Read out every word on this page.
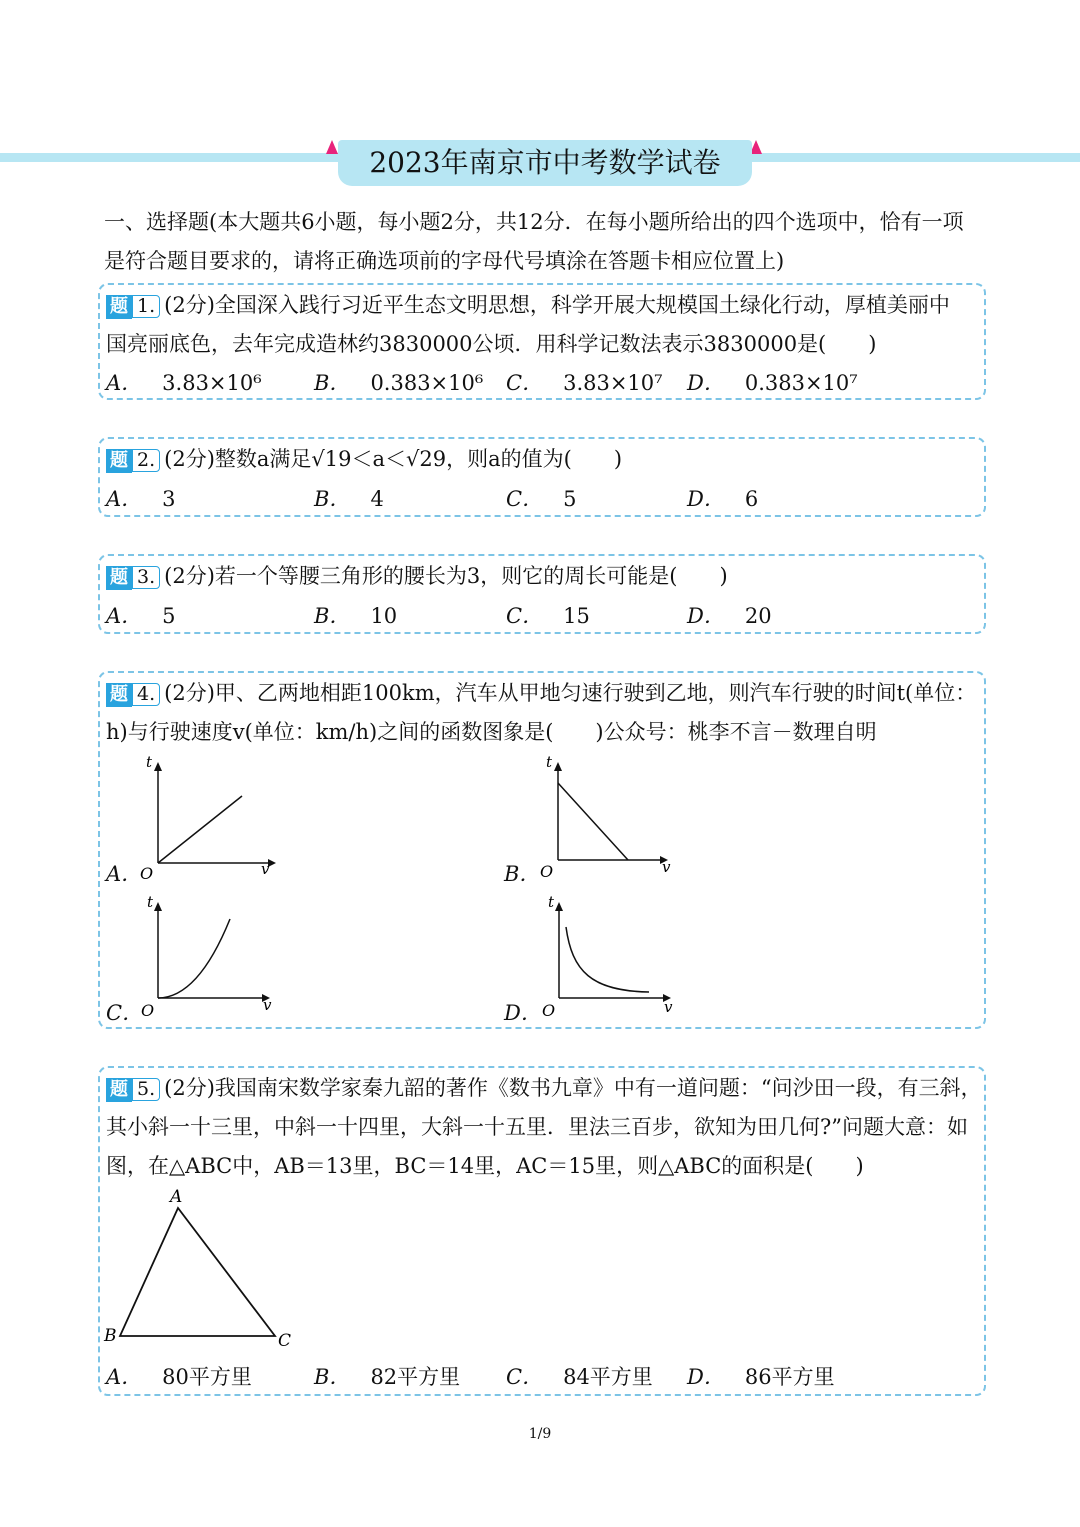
2023年南京市中考数学试卷
一、选择题(本大题共6小题，每小题2分，共12分．在每小题所给出的四个选项中，恰有一项
是符合题目要求的，请将正确选项前的字母代号填涂在答题卡相应位置上)
题 1. (2分)全国深入践行习近平生态文明思想，科学开展大规模国土绿化行动，厚植美丽中
国亮丽底色，去年完成造林约3830000公顷．用科学记数法表示3830000是(　　)
A． 3.83×10⁶ B． 0.383×10⁶ C． 3.83×10⁷ D． 0.383×10⁷
题 2. (2分)整数a满足√19＜a＜√29，则a的值为(　　)
A． 3	B． 4	C． 5	D． 6
题 3. (2分)若一个等腰三角形的腰长为3，则它的周长可能是(　　)
A． 5	B． 10	C． 15	D． 20
题 4. (2分)甲、乙两地相距100km，汽车从甲地匀速行驶到乙地，则汽车行驶的时间t(单位：
h)与行驶速度v(单位：km/h)之间的函数图象是(　　)公众号：桃李不言－数理自明
A．	B．
C．	D．
t
v
O
t
v
O
t
v
O
t
v
O
题 5. (2分)我国南宋数学家秦九韶的著作《数书九章》中有一道问题：“问沙田一段，有三斜，
其小斜一十三里，中斜一十四里，大斜一十五里．里法三百步，欲知为田几何?”问题大意：如
图，在△ABC中，AB＝13里，BC＝14里，AC＝15里，则△ABC的面积是(　　)
A． 80平方里	B． 82平方里 C． 84平方里 D． 86平方里
A
B	C
1/9
